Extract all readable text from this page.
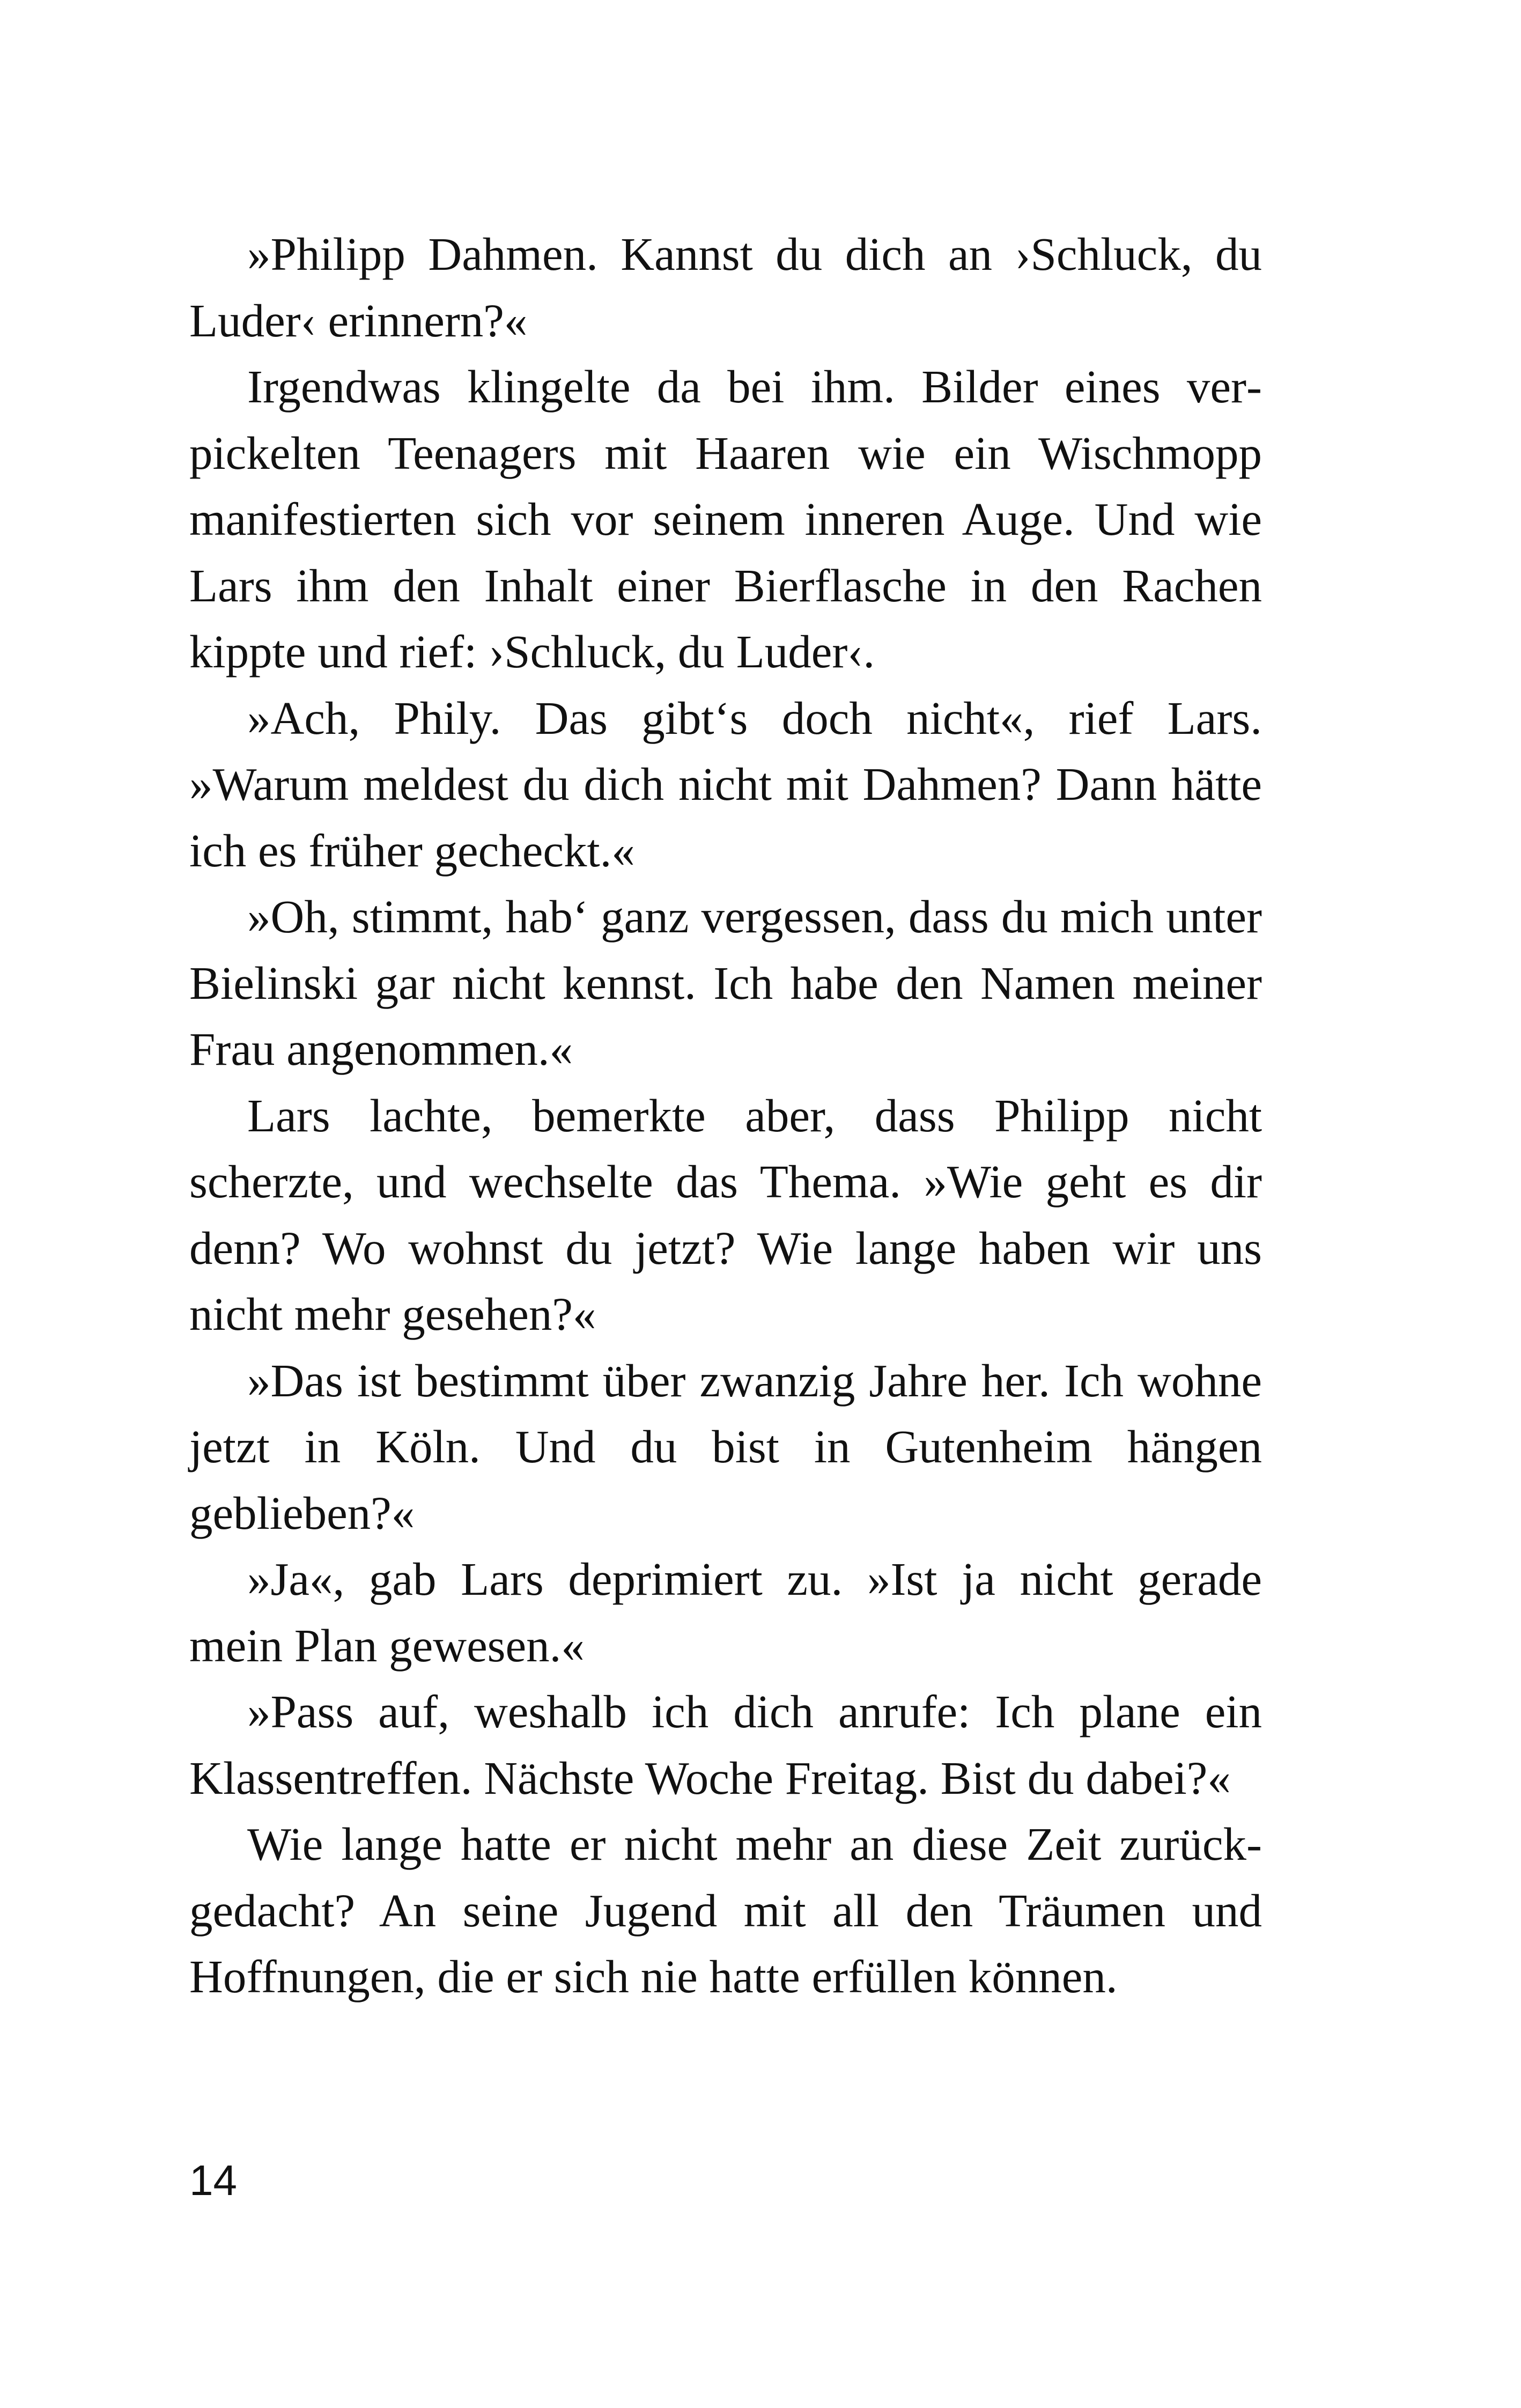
»Philipp Dahmen. Kannst du dich an ›Schluck, du Luder‹ erinnern?«

Irgendwas klingelte da bei ihm. Bilder eines verpickelten Teenagers mit Haaren wie ein Wischmopp manifestierten sich vor seinem inneren Auge. Und wie Lars ihm den Inhalt einer Bierflasche in den Rachen kippte und rief: ›Schluck, du Luder‹.

»Ach, Phily. Das gibt‘s doch nicht«, rief Lars. »Warum meldest du dich nicht mit Dahmen? Dann hätte ich es früher gecheckt.«

»Oh, stimmt, hab‘ ganz vergessen, dass du mich unter Bielinski gar nicht kennst. Ich habe den Namen meiner Frau angenommen.«

Lars lachte, bemerkte aber, dass Philipp nicht scherzte, und wechselte das Thema. »Wie geht es dir denn? Wo wohnst du jetzt? Wie lange haben wir uns nicht mehr gesehen?«

»Das ist bestimmt über zwanzig Jahre her. Ich wohne jetzt in Köln. Und du bist in Gutenheim hängen geblieben?«

»Ja«, gab Lars deprimiert zu. »Ist ja nicht gerade mein Plan gewesen.«

»Pass auf, weshalb ich dich anrufe: Ich plane ein Klassentreffen. Nächste Woche Freitag. Bist du dabei?«

Wie lange hatte er nicht mehr an diese Zeit zurückgedacht? An seine Jugend mit all den Träumen und Hoffnungen, die er sich nie hatte erfüllen können.

14
